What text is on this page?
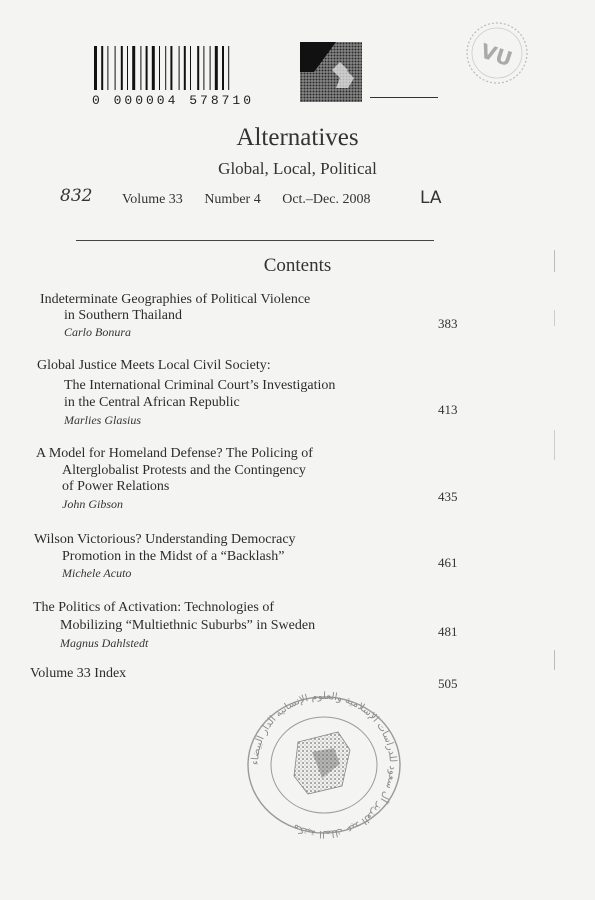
0 000004 578710
VU
Alternatives
Global, Local, Political
832 Volume 33 Number 4 Oct.–Dec. 2008	LA
Contents
Indeterminate Geographies of Political Violence
in Southern Thailand
Carlo Bonura
383
Global Justice Meets Local Civil Society:
The International Criminal Court’s Investigation
in the Central African Republic
Marlies Glasius
413
A Model for Homeland Defense? The Policing of
Alterglobalist Protests and the Contingency
of Power Relations
John Gibson	435
Wilson Victorious? Understanding Democracy
Promotion in the Midst of a “Backlash”
Michele Acuto
461
The Politics of Activation: Technologies of
Mobilizing “Multiethnic Suburbs” in Sweden
Magnus Dahlstedt
481
Volume 33 Index
505
مكتبة الملك عبد العزيز آل سعود للدراسات الإسلامية والعلوم الإنسانية الدار البيضاء
